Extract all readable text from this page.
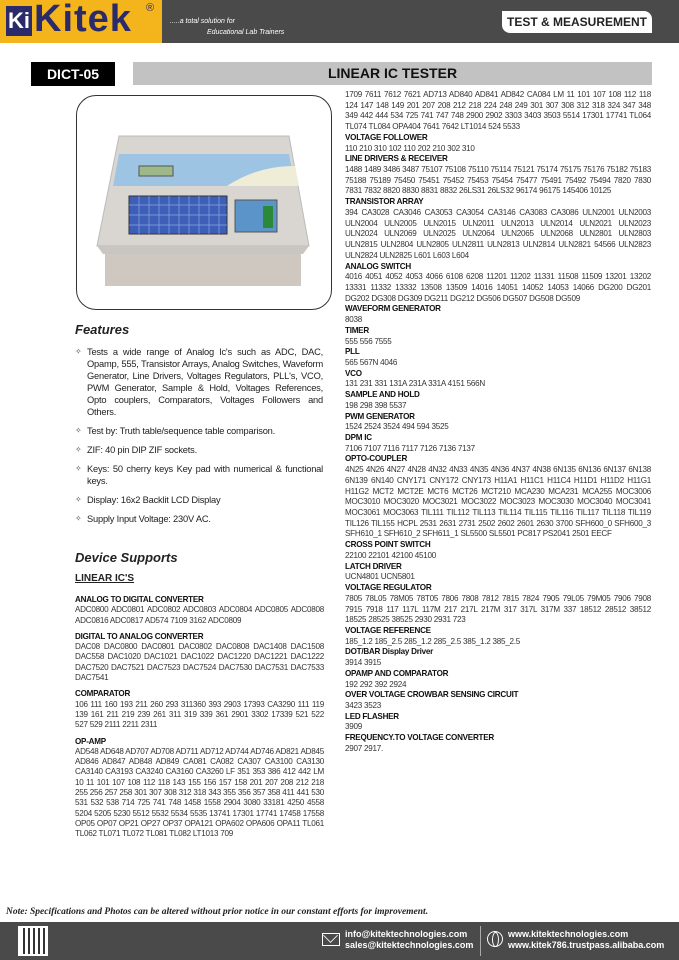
Ki Kitek ®
.....a total solution for
Educational Lab Trainers
TEST & MEASUREMENT
DICT-05	LINEAR IC TESTER
Features
✧ Tests a wide range of Analog Ic's such as ADC, DAC, Opamp, 555, Transistor Arrays, Analog Switches, Waveform Generator, Line Drivers, Voltages Regulators, PLL's, VCO, PWM Generator, Sample & Hold, Voltages References, Opto couplers, Comparators, Voltages Followers and Others.
✧ Test by: Truth table/sequence table comparison.
✧ ZIF: 40 pin DIP ZIF sockets.
✧ Keys: 50 cherry keys Key pad with numerical & functional keys.
✧ Display: 16x2 Backlit LCD Display
✧ Supply Input Voltage: 230V AC.
Device Supports
LINEAR IC'S
ANALOG TO DIGITAL CONVERTER
ADC0800 ADC0801 ADC0802 ADC0803 ADC0804 ADC0805 ADC0808 ADC0816 ADC0817 AD574 7109 3162 ADC0809
DIGITAL TO ANALOG CONVERTER
DAC08 DAC0800 DAC0801 DAC0802 DAC0808 DAC1408 DAC1508 DAC558 DAC1020 DAC1021 DAC1022 DAC1220 DAC1221 DAC1222 DAC7520 DAC7521 DAC7523 DAC7524 DAC7530 DAC7531 DAC7533 DAC7541
COMPARATOR
106 111 160 193 211 260 293 311360 393 2903 17393 CA3290 111 119 139 161 211 219 239 261 311 319 339 361 2901 3302 17339 521 522 527 529 2111 2211 2311
OP-AMP
AD548 AD648 AD707 AD708 AD711 AD712 AD744 AD746 AD821 AD845 AD846 AD847 AD848 AD849 CA081 CA082 CA307 CA3100 CA3130 CA3140 CA3193 CA3240 CA3160 CA3260 LF 351 353 386 412 442 LM 10 11 101 107 108 112 118 143 155 156 157 158 201 207 208 212 218 255 256 257 258 301 307 308 312 318 343 355 356 357 358 411 441 530 531 532 538 714 725 741 748 1458 1558 2904 3080 33181 4250 4558 5204 5205 5230 5512 5532 5534 5535 13741 17301 17741 17458 17558 OP05 OP07 OP21 OP27 OP37 OPA121 OPA602 OPA606 OPA11 TL061 TL062 TL071 TL072 TL081 TL082 LT1013 709
1709 7611 7612 7621 AD713 AD840 AD841 AD842 CA084 LM 11 101 107 108 112 118 124 147 148 149 201 207 208 212 218 224 248 249 301 307 308 312 318 324 347 348 349 442 444 534 725 741 747 748 2900 2902 3303 3403 3503 5514 17301 17741 TL064 TL074 TL084 OPA404 7641 7642 LT1014 524 5533
VOLTAGE FOLLOWER
110 210 310 102 110 202 210 302 310
LINE DRIVERS & RECEIVER
1488 1489 3486 3487 75107 75108 75110 75114 75121 75174 75175 75176 75182 75183 75188 75189 75450 75451 75452 75453 75454 75477 75491 75492 75494 7820 7830 7831 7832 8820 8830 8831 8832 26LS31 26LS32 96174 96175 145406 10125
TRANSISTOR ARRAY
394 CA3028 CA3046 CA3053 CA3054 CA3146 CA3083 CA3086 ULN2001 ULN2003 ULN2004 ULN2005 ULN2015 ULN2011 ULN2013 ULN2014 ULN2021 ULN2023 ULN2024 ULN2069 ULN2025 ULN2064 ULN2065 ULN2068 ULN2801 ULN2803 ULN2815 ULN2804 ULN2805 ULN2811 ULN2813 ULN2814 ULN2821 54566 ULN2823 ULN2824 ULN2825 L601 L603 L604
ANALOG SWITCH
4016 4051 4052 4053 4066 6108 6208 11201 11202 11331 11508 11509 13201 13202 13331 11332 13332 13508 13509 14016 14051 14052 14053 14066 DG200 DG201 DG202 DG308 DG309 DG211 DG212 DG506 DG507 DG508 DG509
WAVEFORM GENERATOR
8038
TIMER
555 556 7555
PLL
565 567N 4046
VCO
131 231 331 131A 231A 331A 4151 566N
SAMPLE AND HOLD
198 298 398 5537
PWM GENERATOR
1524 2524 3524 494 594 3525
DPM IC
7106 7107 7116 7117 7126 7136 7137
OPTO-COUPLER
4N25 4N26 4N27 4N28 4N32 4N33 4N35 4N36 4N37 4N38 6N135 6N136 6N137 6N138 6N139 6N140 CNY171 CNY172 CNY173 H11A1 H11C1 H11C4 H11D1 H11D2 H11G1 H11G2 MCT2 MCT2E MCT6 MCT26 MCT210 MCA230 MCA231 MCA255 MOC3006 MOC3010 MOC3020 MOC3021 MOC3022 MOC3023 MOC3030 MOC3040 MOC3041 MOC3061 MOC3063 TIL111 TIL112 TIL113 TIL114 TIL115 TIL116 TIL117 TIL118 TIL119 TIL126 TIL155 HCPL 2531 2631 2731 2502 2602 2601 2630 3700 SFH600_0 SFH600_3 SFH610_1 SFH610_2 SFH611_1 SL5500 SL5501 PC817 PS2041 2501 EECF
CROSS POINT SWITCH
22100 22101 42100 45100
LATCH DRIVER
UCN4801 UCN5801
VOLTAGE REGULATOR
7805 78L05 78M05 78T05 7806 7808 7812 7815 7824 7905 79L05 79M05 7906 7908 7915 7918 117 117L 117M 217 217L 217M 317 317L 317M 337 18512 28512 38512 18525 28525 38525 2930 2931 723
VOLTAGE REFERENCE
185_1.2 185_2.5 285_1.2 285_2.5 385_1.2 385_2.5
DOT/BAR Display Driver
3914 3915
OPAMP AND COMPARATOR
192 292 392 2924
OVER VOLTAGE CROWBAR SENSING CIRCUIT
3423 3523
LED FLASHER
3909
FREQUENCY.TO VOLTAGE CONVERTER
2907 2917.
Note: Specifications and Photos can be altered without prior notice in our constant efforts for improvement.
info@kitektechnologies.com
sales@kitektechnologies.com
www.kitektechnologies.com
www.kitek786.trustpass.alibaba.com
